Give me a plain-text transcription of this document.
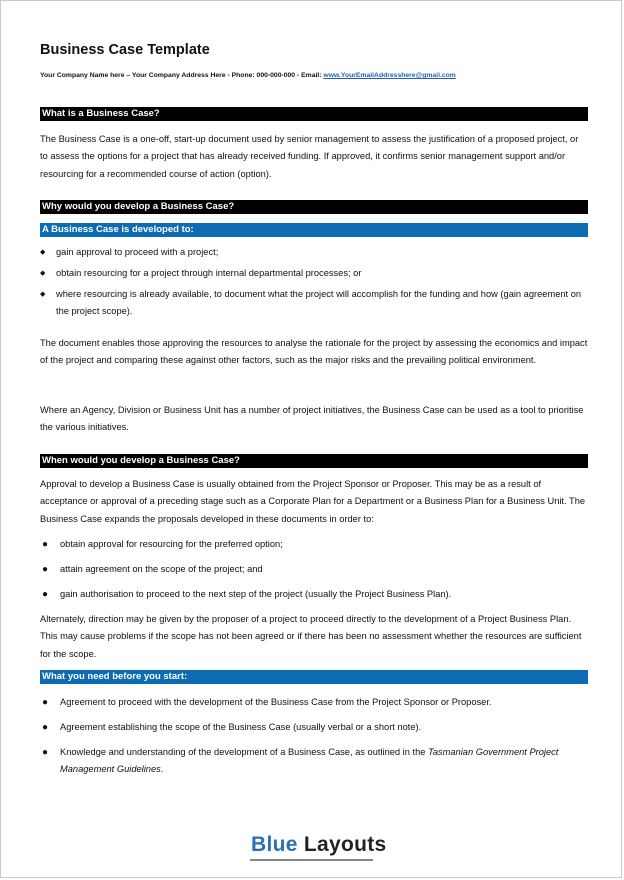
Business Case Template
Your Company Name here – Your Company Address Here - Phone: 000-000-000 - Email: www.YourEmailAddresshere@gmail.com
What is a Business Case?

The Business Case is a one-off, start-up document used by senior management to assess the justification of a proposed project, or to assess the options for a project that has already received funding. If approved, it confirms senior management support and/or resourcing for a recommended course of action (option).

Why would you develop a Business Case?
A Business Case is developed to:
◆ gain approval to proceed with a project;
◆ obtain resourcing for a project through internal departmental processes; or
◆ where resourcing is already available, to document what the project will accomplish for the funding and how (gain agreement on the project scope).

The document enables those approving the resources to analyse the rationale for the project by assessing the economics and impact of the project and comparing these against other factors, such as the major risks and the prevailing political environment.

Where an Agency, Division or Business Unit has a number of project initiatives, the Business Case can be used as a tool to prioritise the various initiatives.

When would you develop a Business Case?

Approval to develop a Business Case is usually obtained from the Project Sponsor or Proposer. This may be as a result of acceptance or approval of a preceding stage such as a Corporate Plan for a Department or a Business Plan for a Business Unit. The Business Case expands the proposals developed in these documents in order to:

● obtain approval for resourcing for the preferred option;
● attain agreement on the scope of the project; and
● gain authorisation to proceed to the next step of the project (usually the Project Business Plan).

Alternately, direction may be given by the proposer of a project to proceed directly to the development of a Project Business Plan. This may cause problems if the scope has not been agreed or if there has been no assessment whether the resources are sufficient for the scope.

What you need before you start:
● Agreement to proceed with the development of the Business Case from the Project Sponsor or Proposer.
● Agreement establishing the scope of the Business Case (usually verbal or a short note).
● Knowledge and understanding of the development of a Business Case, as outlined in the Tasmanian Government Project Management Guidelines.
Blue Layouts
